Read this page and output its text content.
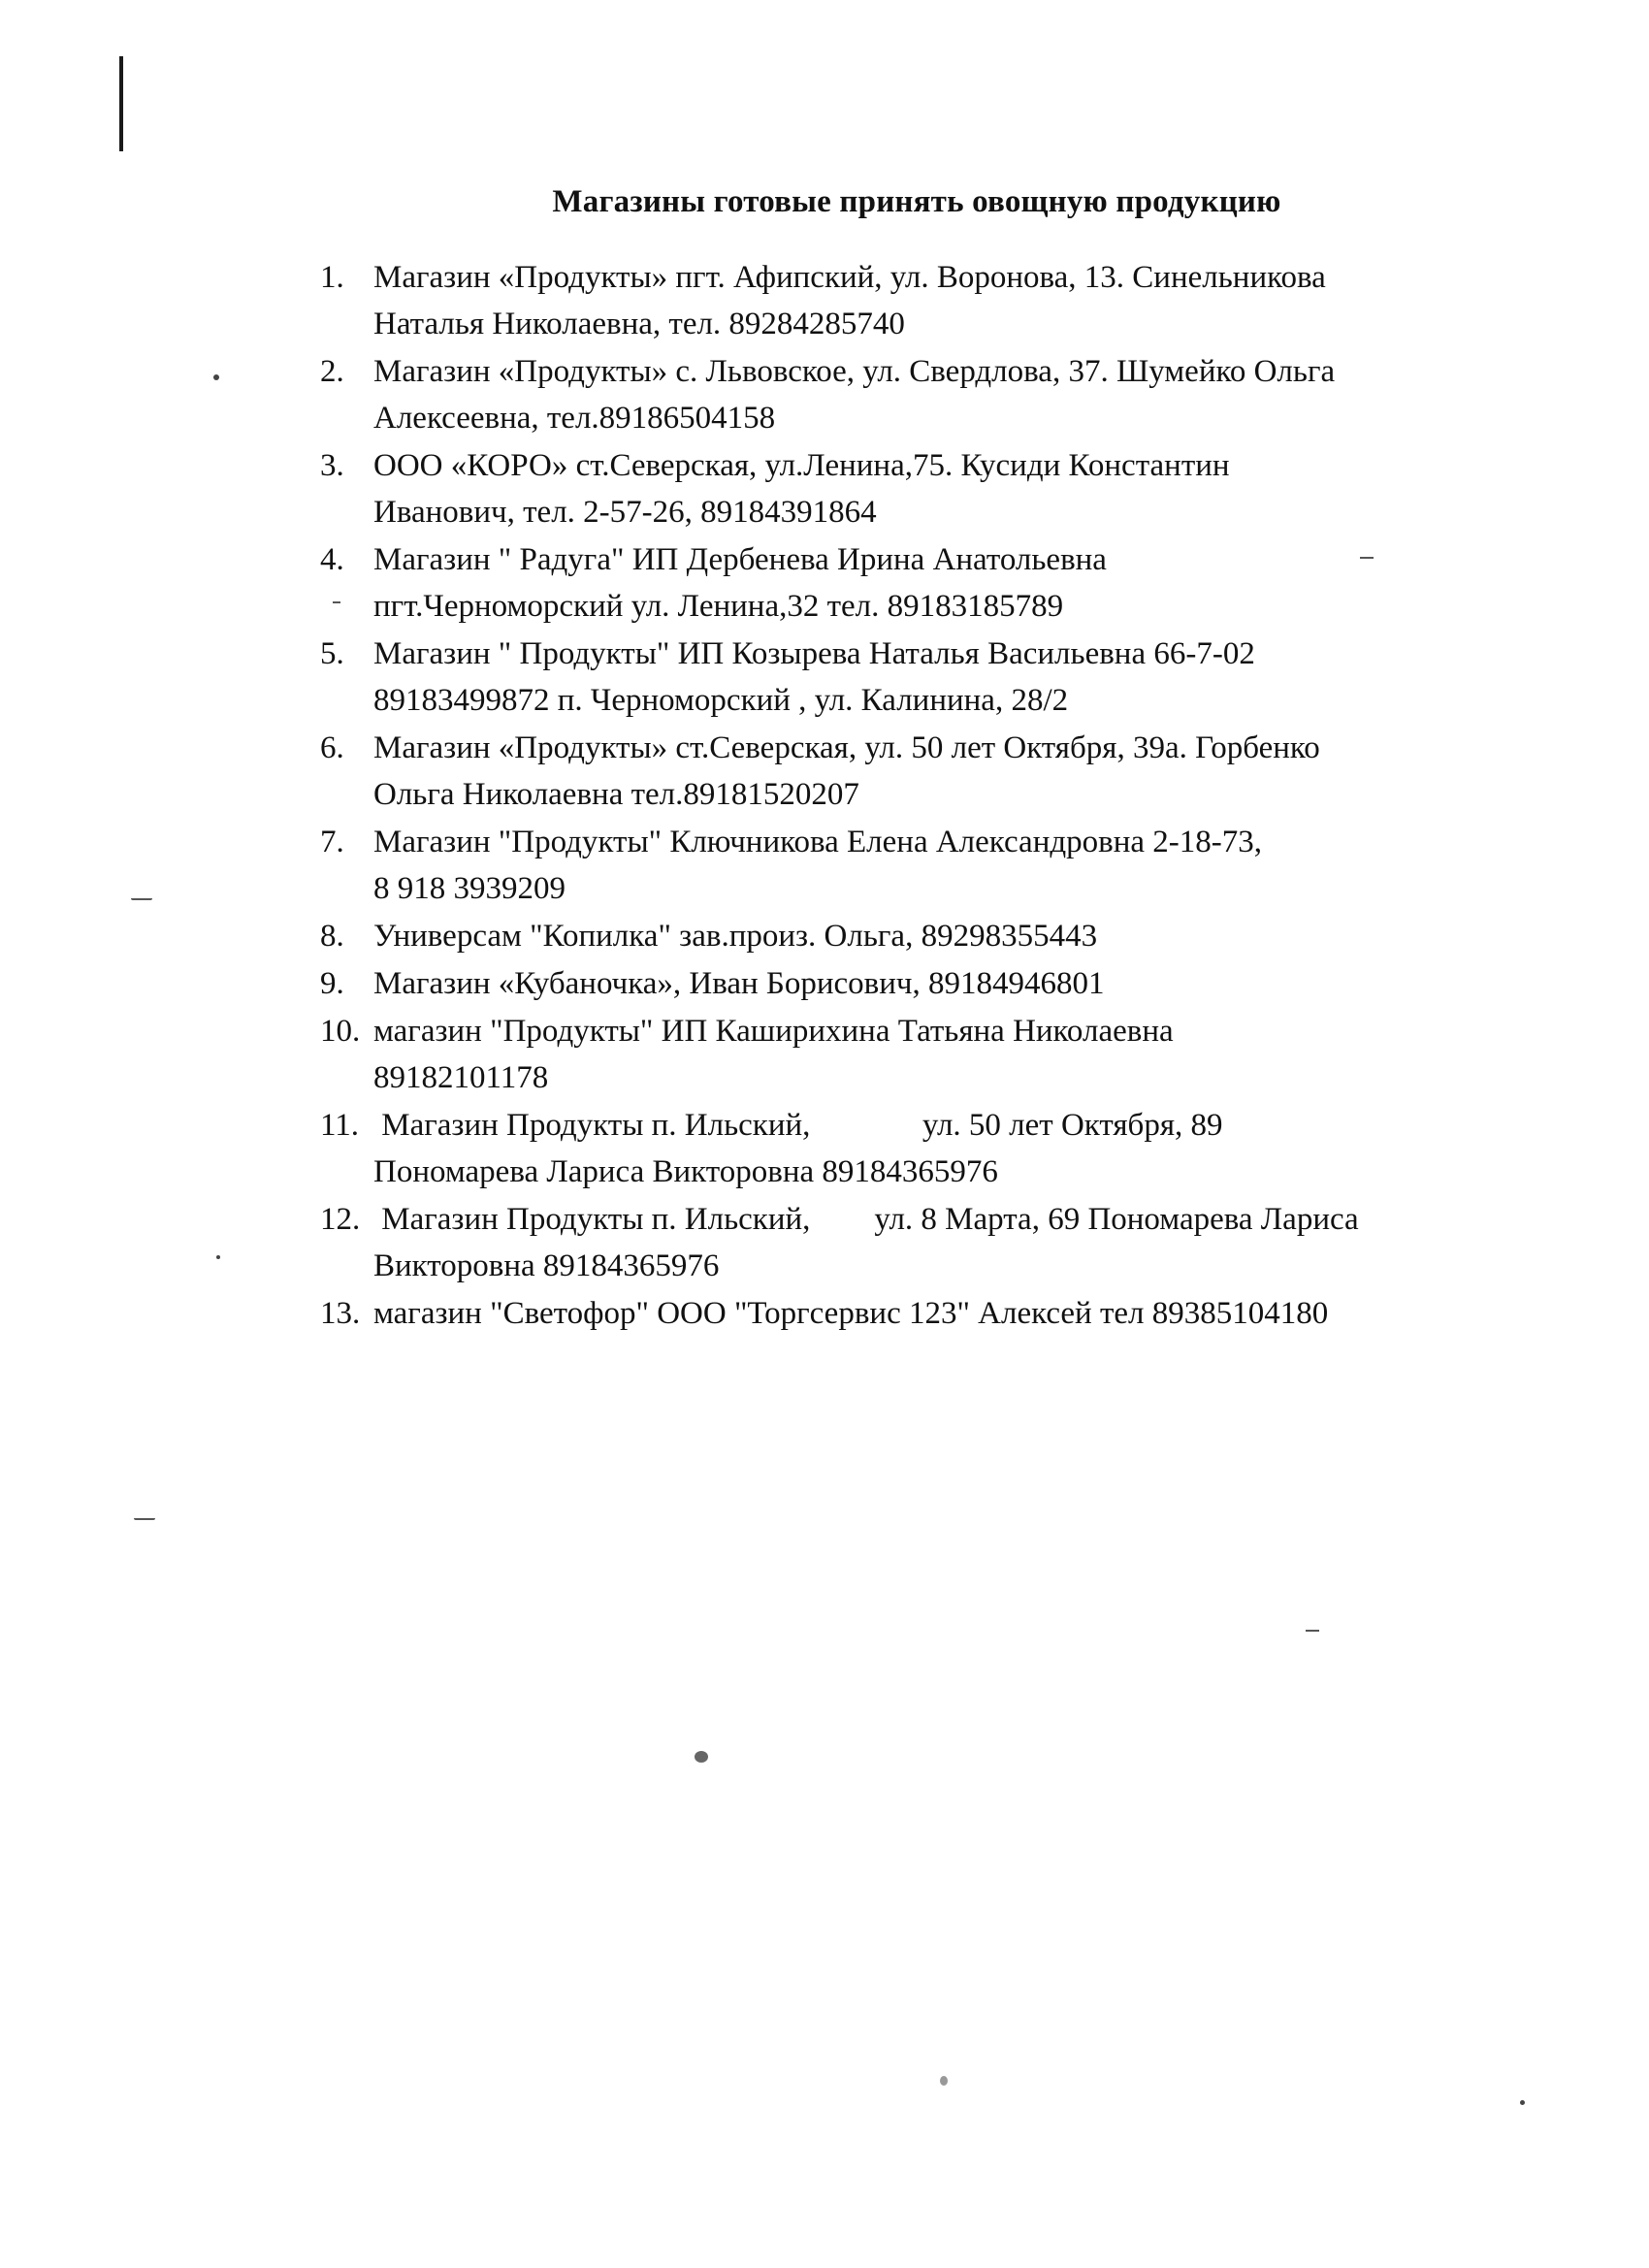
Магазины готовые принять овощную продукцию
1. Магазин «Продукты» пгт. Афипский, ул. Воронова, 13. Синельникова
Наталья Николаевна, тел. 89284285740
2. Магазин «Продукты» с. Львовское, ул. Свердлова, 37. Шумейко Ольга
Алексеевна, тел.89186504158
3. ООО «КОРО» ст.Северская, ул.Ленина,75. Кусиди Константин
Иванович, тел. 2-57-26, 89184391864
4. Магазин " Радуга" ИП Дербенева Ирина Анатольевна
пгт.Черноморский ул. Ленина,32 тел. 89183185789
5. Магазин " Продукты" ИП Козырева Наталья Васильевна 66-7-02
89183499872 п. Черноморский , ул. Калинина, 28/2
6. Магазин «Продукты» ст.Северская, ул. 50 лет Октября, 39а. Горбенко
Ольга Николаевна тел.89181520207
7. Магазин "Продукты" Ключникова Елена Александровна 2-18-73,
8 918 3939209
8. Универсам "Копилка" зав.произ. Ольга, 89298355443
9. Магазин «Кубаночка», Иван Борисович, 89184946801
10. магазин "Продукты" ИП Каширихина Татьяна Николаевна
89182101178
11. Магазин Продукты п. Ильский,              ул. 50 лет Октября, 89
Пономарева Лариса Викторовна 89184365976
12. Магазин Продукты п. Ильский,        ул. 8 Марта, 69 Пономарева Лариса
Викторовна 89184365976
13. магазин "Светофор" ООО "Торгсервис 123" Алексей тел 89385104180
